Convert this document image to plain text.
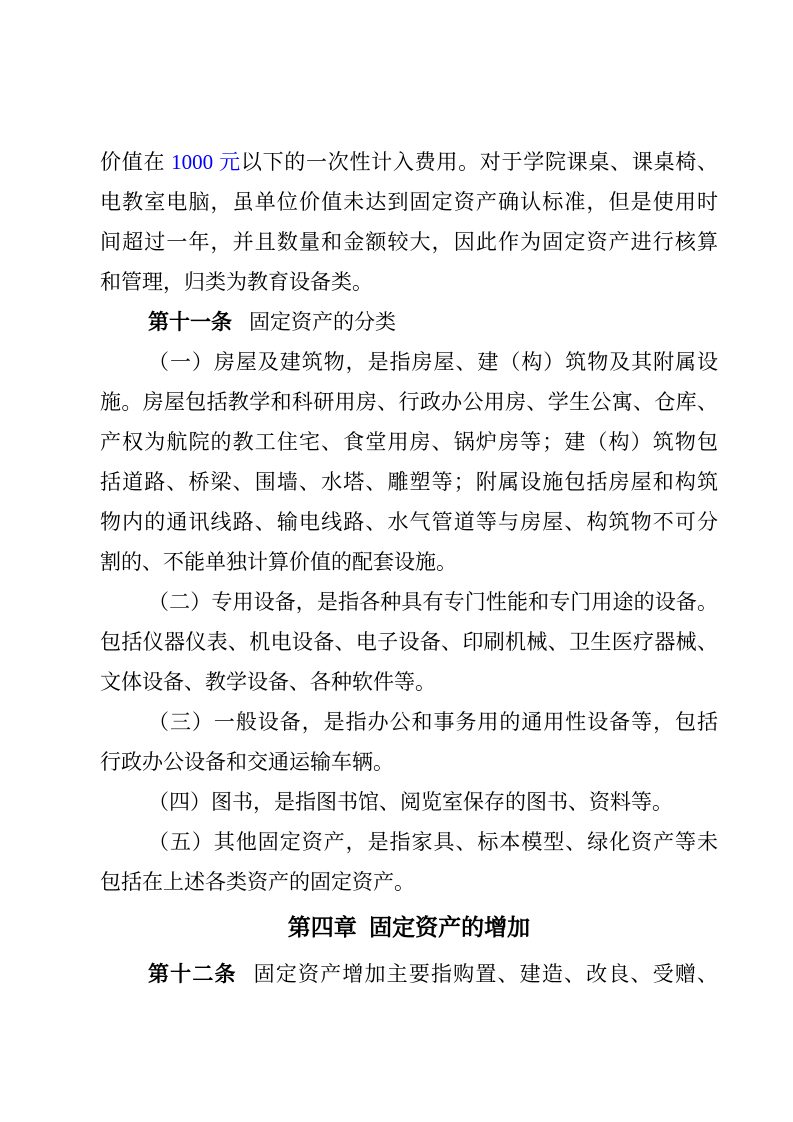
价值在 1000 元以下的一次性计入费用。对于学院课桌、课桌椅、
电教室电脑，虽单位价值未达到固定资产确认标准，但是使用时
间超过一年，并且数量和金额较大，因此作为固定资产进行核算
和管理，归类为教育设备类。
第十一条 固定资产的分类
（一）房屋及建筑物，是指房屋、建（构）筑物及其附属设
施。房屋包括教学和科研用房、行政办公用房、学生公寓、仓库、
产权为航院的教工住宅、食堂用房、锅炉房等；建（构）筑物包
括道路、桥梁、围墙、水塔、雕塑等；附属设施包括房屋和构筑
物内的通讯线路、输电线路、水气管道等与房屋、构筑物不可分
割的、不能单独计算价值的配套设施。
（二）专用设备，是指各种具有专门性能和专门用途的设备。
包括仪器仪表、机电设备、电子设备、印刷机械、卫生医疗器械、
文体设备、教学设备、各种软件等。
（三）一般设备，是指办公和事务用的通用性设备等，包括
行政办公设备和交通运输车辆。
（四）图书，是指图书馆、阅览室保存的图书、资料等。
（五）其他固定资产，是指家具、标本模型、绿化资产等未
包括在上述各类资产的固定资产。
第四章 固定资产的增加
第十二条 固定资产增加主要指购置、建造、改良、受赠、
